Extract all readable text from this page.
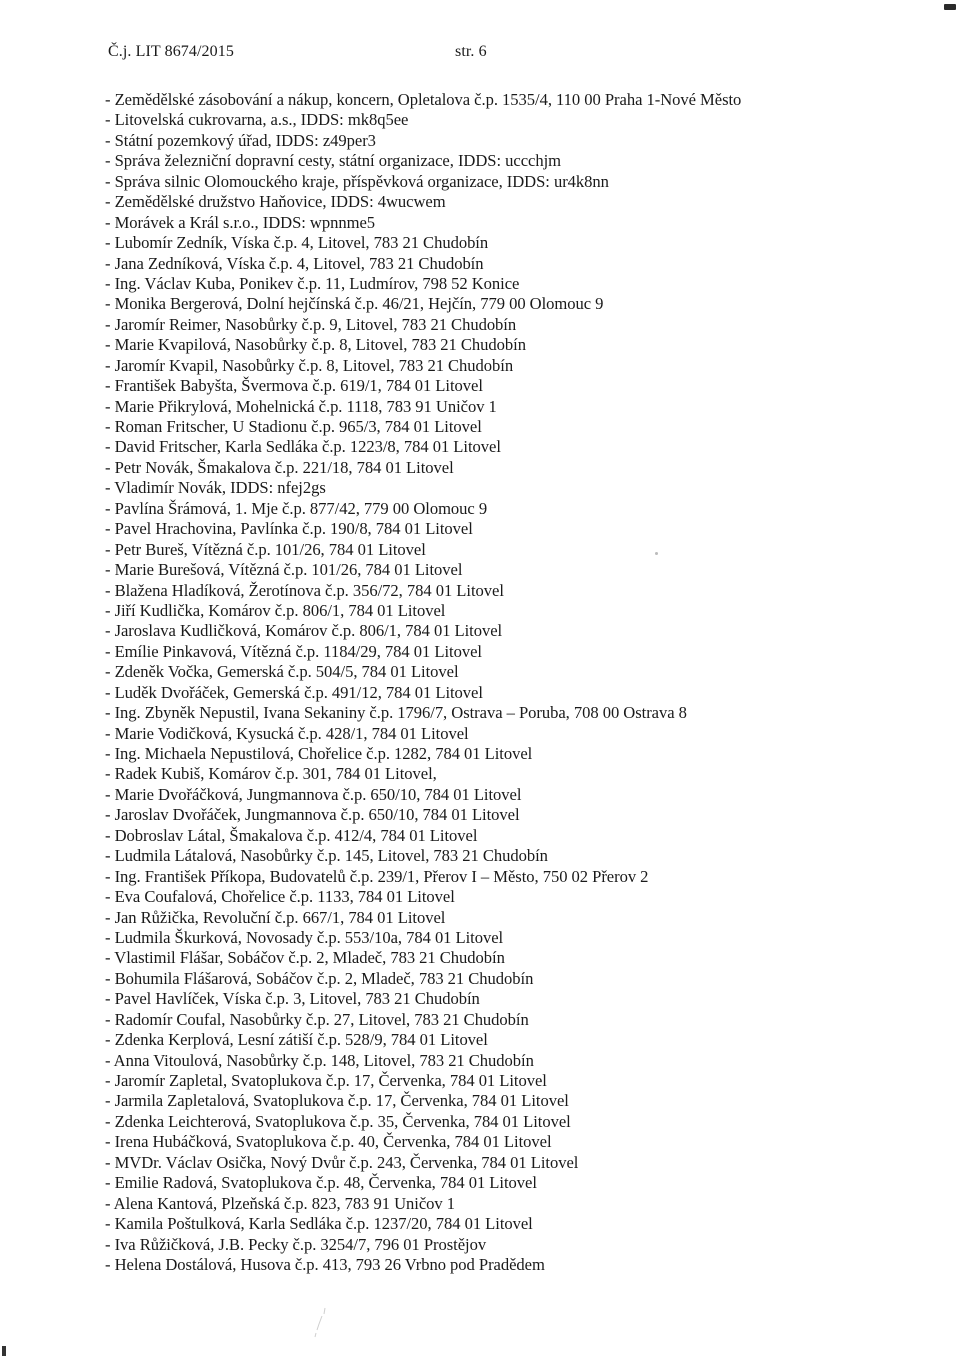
Č.j. LIT 8674/2015	str. 6
- Zemědělské zásobování a nákup, koncern, Opletalova č.p. 1535/4, 110 00 Praha 1-Nové Město
- Litovelská cukrovarna, a.s., IDDS: mk8q5ee
- Státní pozemkový úřad, IDDS: z49per3
- Správa železniční dopravní cesty, státní organizace, IDDS: uccchjm
- Správa silnic Olomouckého kraje, příspěvková organizace, IDDS: ur4k8nn
- Zemědělské družstvo Haňovice, IDDS: 4wucwem
- Morávek a Král s.r.o., IDDS: wpnnme5
- Lubomír Zedník, Víska č.p. 4, Litovel, 783 21 Chudobín
- Jana Zedníková, Víska č.p. 4, Litovel, 783 21 Chudobín
- Ing. Václav Kuba, Ponikev č.p. 11, Ludmírov, 798 52 Konice
- Monika Bergerová, Dolní hejčínská č.p. 46/21, Hejčín, 779 00 Olomouc 9
- Jaromír Reimer, Nasobůrky č.p. 9, Litovel, 783 21 Chudobín
- Marie Kvapilová, Nasobůrky č.p. 8, Litovel, 783 21 Chudobín
- Jaromír Kvapil, Nasobůrky č.p. 8, Litovel, 783 21 Chudobín
- František Babyšta, Švermova č.p. 619/1, 784 01 Litovel
- Marie Přikrylová, Mohelnická č.p. 1118, 783 91 Uničov 1
- Roman Fritscher, U Stadionu č.p. 965/3, 784 01 Litovel
- David Fritscher, Karla Sedláka č.p. 1223/8, 784 01 Litovel
- Petr Novák, Šmakalova č.p. 221/18, 784 01 Litovel
- Vladimír Novák, IDDS: nfej2gs
- Pavlína Šrámová, 1. Mje č.p. 877/42, 779 00 Olomouc 9
- Pavel Hrachovina, Pavlínka č.p. 190/8, 784 01 Litovel
- Petr Bureš, Vítězná č.p. 101/26, 784 01 Litovel
- Marie Burešová, Vítězná č.p. 101/26, 784 01 Litovel
- Blažena Hladíková, Žerotínova č.p. 356/72, 784 01 Litovel
- Jiří Kudlička, Komárov č.p. 806/1, 784 01 Litovel
- Jaroslava Kudličková, Komárov č.p. 806/1, 784 01 Litovel
- Emílie Pinkavová, Vítězná č.p. 1184/29, 784 01 Litovel
- Zdeněk Vočka, Gemerská č.p. 504/5, 784 01 Litovel
- Luděk Dvořáček, Gemerská č.p. 491/12, 784 01 Litovel
- Ing. Zbyněk Nepustil, Ivana Sekaniny č.p. 1796/7, Ostrava – Poruba, 708 00 Ostrava 8
- Marie Vodičková, Kysucká č.p. 428/1, 784 01 Litovel
- Ing. Michaela Nepustilová, Chořelice č.p. 1282, 784 01 Litovel
- Radek Kubiš, Komárov č.p. 301, 784 01 Litovel,
- Marie Dvořáčková, Jungmannova č.p. 650/10, 784 01 Litovel
- Jaroslav Dvořáček, Jungmannova č.p. 650/10, 784 01 Litovel
- Dobroslav Látal, Šmakalova č.p. 412/4, 784 01 Litovel
- Ludmila Látalová, Nasobůrky č.p. 145, Litovel, 783 21 Chudobín
- Ing. František Příkopa, Budovatelů č.p. 239/1, Přerov I – Město, 750 02 Přerov 2
- Eva Coufalová, Chořelice č.p. 1133, 784 01 Litovel
- Jan Růžička, Revoluční č.p. 667/1, 784 01 Litovel
- Ludmila Škurková, Novosady č.p. 553/10a, 784 01 Litovel
- Vlastimil Flášar, Sobáčov č.p. 2, Mladeč, 783 21 Chudobín
- Bohumila Flášarová, Sobáčov č.p. 2, Mladeč, 783 21 Chudobín
- Pavel Havlíček, Víska č.p. 3, Litovel, 783 21 Chudobín
- Radomír Coufal, Nasobůrky č.p. 27, Litovel, 783 21 Chudobín
- Zdenka Kerplová, Lesní zátiší č.p. 528/9, 784 01 Litovel
- Anna Vitoulová, Nasobůrky č.p. 148, Litovel, 783 21 Chudobín
- Jaromír Zapletal, Svatoplukova č.p. 17, Červenka, 784 01 Litovel
- Jarmila Zapletalová, Svatoplukova č.p. 17, Červenka, 784 01 Litovel
- Zdenka Leichterová, Svatoplukova č.p. 35, Červenka, 784 01 Litovel
- Irena Hubáčková, Svatoplukova č.p. 40, Červenka, 784 01 Litovel
- MVDr. Václav Osička, Nový Dvůr č.p. 243, Červenka, 784 01 Litovel
- Emilie Radová, Svatoplukova č.p. 48, Červenka, 784 01 Litovel
- Alena Kantová, Plzeňská č.p. 823, 783 91 Uničov 1
- Kamila Poštulková, Karla Sedláka č.p. 1237/20, 784 01 Litovel
- Iva Růžičková, J.B. Pecky č.p. 3254/7, 796 01 Prostějov
- Helena Dostálová, Husova č.p. 413, 793 26 Vrbno pod Pradědem
